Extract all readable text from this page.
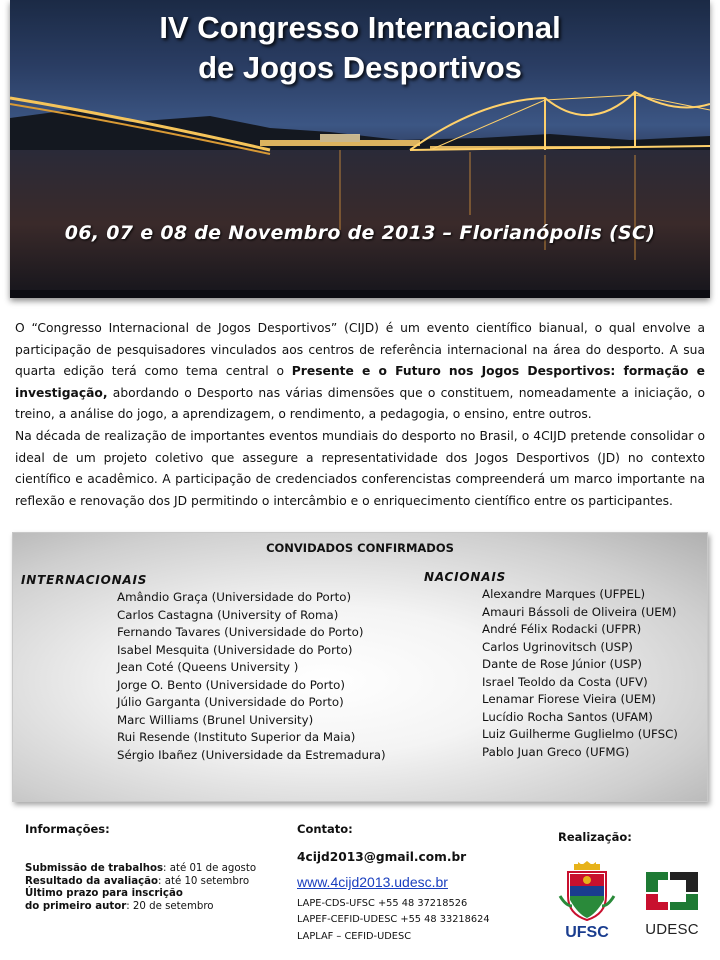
IV Congresso Internacional
de Jogos Desportivos
06, 07 e 08 de Novembro de 2013 – Florianópolis (SC)

O “Congresso Internacional de Jogos Desportivos” (CIJD) é um evento científico bianual, o qual envolve a participação de pesquisadores vinculados aos centros de referência internacional na área do desporto. A sua quarta edição terá como tema central o Presente e o Futuro nos Jogos Desportivos: formação e investigação, abordando o Desporto nas várias dimensões que o constituem, nomeadamente a iniciação, o treino, a análise do jogo, a aprendizagem, o rendimento, a pedagogia, o ensino, entre outros.

Na década de realização de importantes eventos mundiais do desporto no Brasil, o 4CIJD pretende consolidar o ideal de um projeto coletivo que assegure a representatividade dos Jogos Desportivos (JD) no contexto científico e acadêmico. A participação de credenciados conferencistas compreenderá um marco importante na reflexão e renovação dos JD permitindo o intercâmbio e o enriquecimento científico entre os participantes.

CONVIDADOS CONFIRMADOS
INTERNACIONAIS	NACIONAIS
Amândio Graça (Universidade do Porto)
Carlos Castagna (University of Roma)
Fernando Tavares (Universidade do Porto)
Isabel Mesquita (Universidade do Porto)
Jean Coté (Queens University )
Jorge O. Bento (Universidade do Porto)
Júlio Garganta (Universidade do Porto)
Marc Williams (Brunel University)
Rui Resende (Instituto Superior da Maia)
Sérgio Ibañez (Universidade da Estremadura)
Alexandre Marques (UFPEL)
Amauri Bássoli de Oliveira (UEM)
André Félix Rodacki (UFPR)
Carlos Ugrinovitsch (USP)
Dante de Rose Júnior (USP)
Israel Teoldo da Costa (UFV)
Lenamar Fiorese Vieira (UEM)
Lucídio Rocha Santos (UFAM)
Luiz Guilherme Guglielmo (UFSC)
Pablo Juan Greco (UFMG)
Informações:
Submissão de trabalhos: até 01 de agosto
Resultado da avaliação: até 10 setembro
Último prazo para inscrição
do primeiro autor: 20 de setembro
Contato:
4cijd2013@gmail.com.br
www.4cijd2013.udesc.br
LAPE-CDS-UFSC +55 48 37218526
LAPEF-CEFID-UDESC +55 48 33218624
LAPLAF – CEFID-UDESC
Realização:
UFSC	UDESC
